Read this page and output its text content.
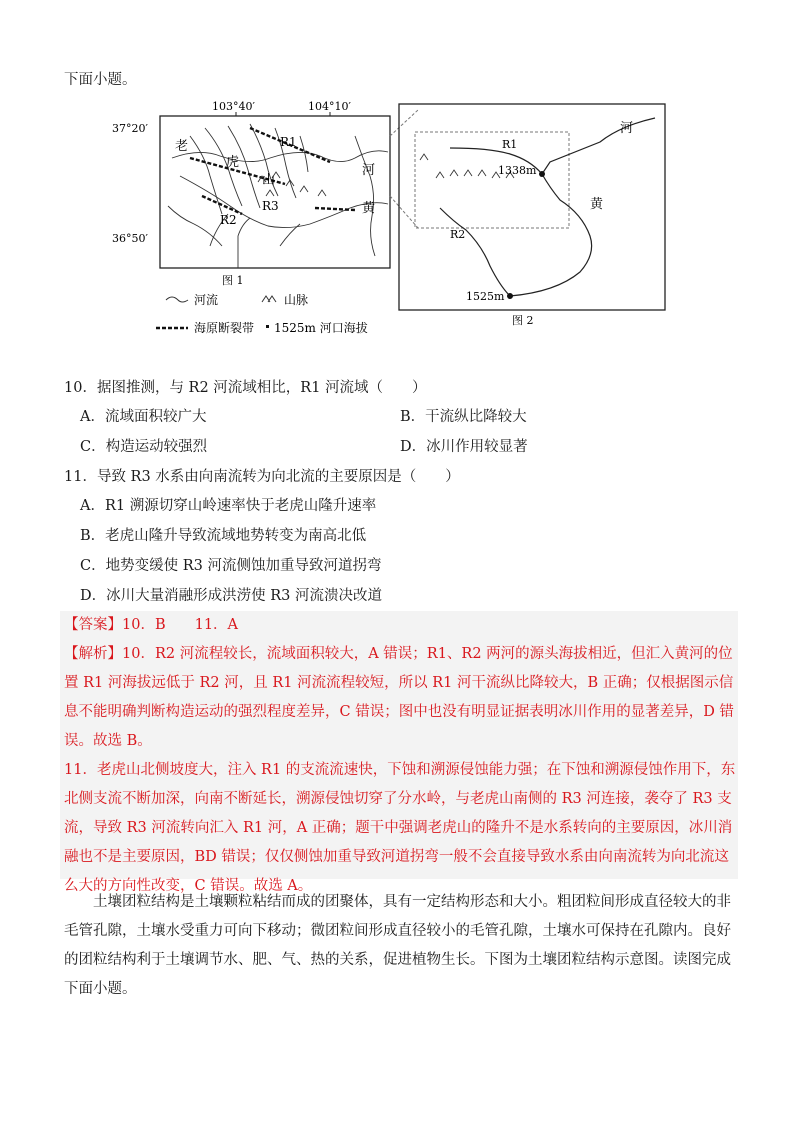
下面小题。
103°40′	104°10′
37°20′
36°50′
老
虎
山
河
黄
R1
R2
R3
图 1
R1
R2
河
黄
1338m
1525m
图 2
河流	山脉
海原断裂带 1525m 河口海拔
10．据图推测，与 R2 河流域相比，R1 河流域（　　）
A．流域面积较广大	B．干流纵比降较大
C．构造运动较强烈	D．冰川作用较显著
11．导致 R3 水系由向南流转为向北流的主要原因是（　　）
A．R1 溯源切穿山岭速率快于老虎山隆升速率
B．老虎山隆升导致流域地势转变为南高北低
C．地势变缓使 R3 河流侧蚀加重导致河道拐弯
D．冰川大量消融形成洪涝使 R3 河流溃决改道
【答案】10．B　　11．A

【解析】10．R2 河流程较长，流域面积较大，A 错误；R1、R2 两河的源头海拔相近，但汇入黄河的位置 R1 河海拔远低于 R2 河，且 R1 河流流程较短，所以 R1 河干流纵比降较大，B 正确；仅根据图示信息不能明确判断构造运动的强烈程度差异，C 错误；图中也没有明显证据表明冰川作用的显著差异，D 错误。故选 B。

11．老虎山北侧坡度大，注入 R1 的支流流速快，下蚀和溯源侵蚀能力强；在下蚀和溯源侵蚀作用下，东北侧支流不断加深，向南不断延长，溯源侵蚀切穿了分水岭，与老虎山南侧的 R3 河连接，袭夺了 R3 支流，导致 R3 河流转向汇入 R1 河，A 正确；题干中强调老虎山的隆升不是水系转向的主要原因，冰川消融也不是主要原因，BD 错误；仅仅侧蚀加重导致河道拐弯一般不会直接导致水系由向南流转为向北流这么大的方向性改变，C 错误。故选 A。

土壤团粒结构是土壤颗粒粘结而成的团聚体，具有一定结构形态和大小。粗团粒间形成直径较大的非毛管孔隙，土壤水受重力可向下移动；微团粒间形成直径较小的毛管孔隙，土壤水可保持在孔隙内。良好的团粒结构利于土壤调节水、肥、气、热的关系，促进植物生长。下图为土壤团粒结构示意图。读图完成下面小题。
